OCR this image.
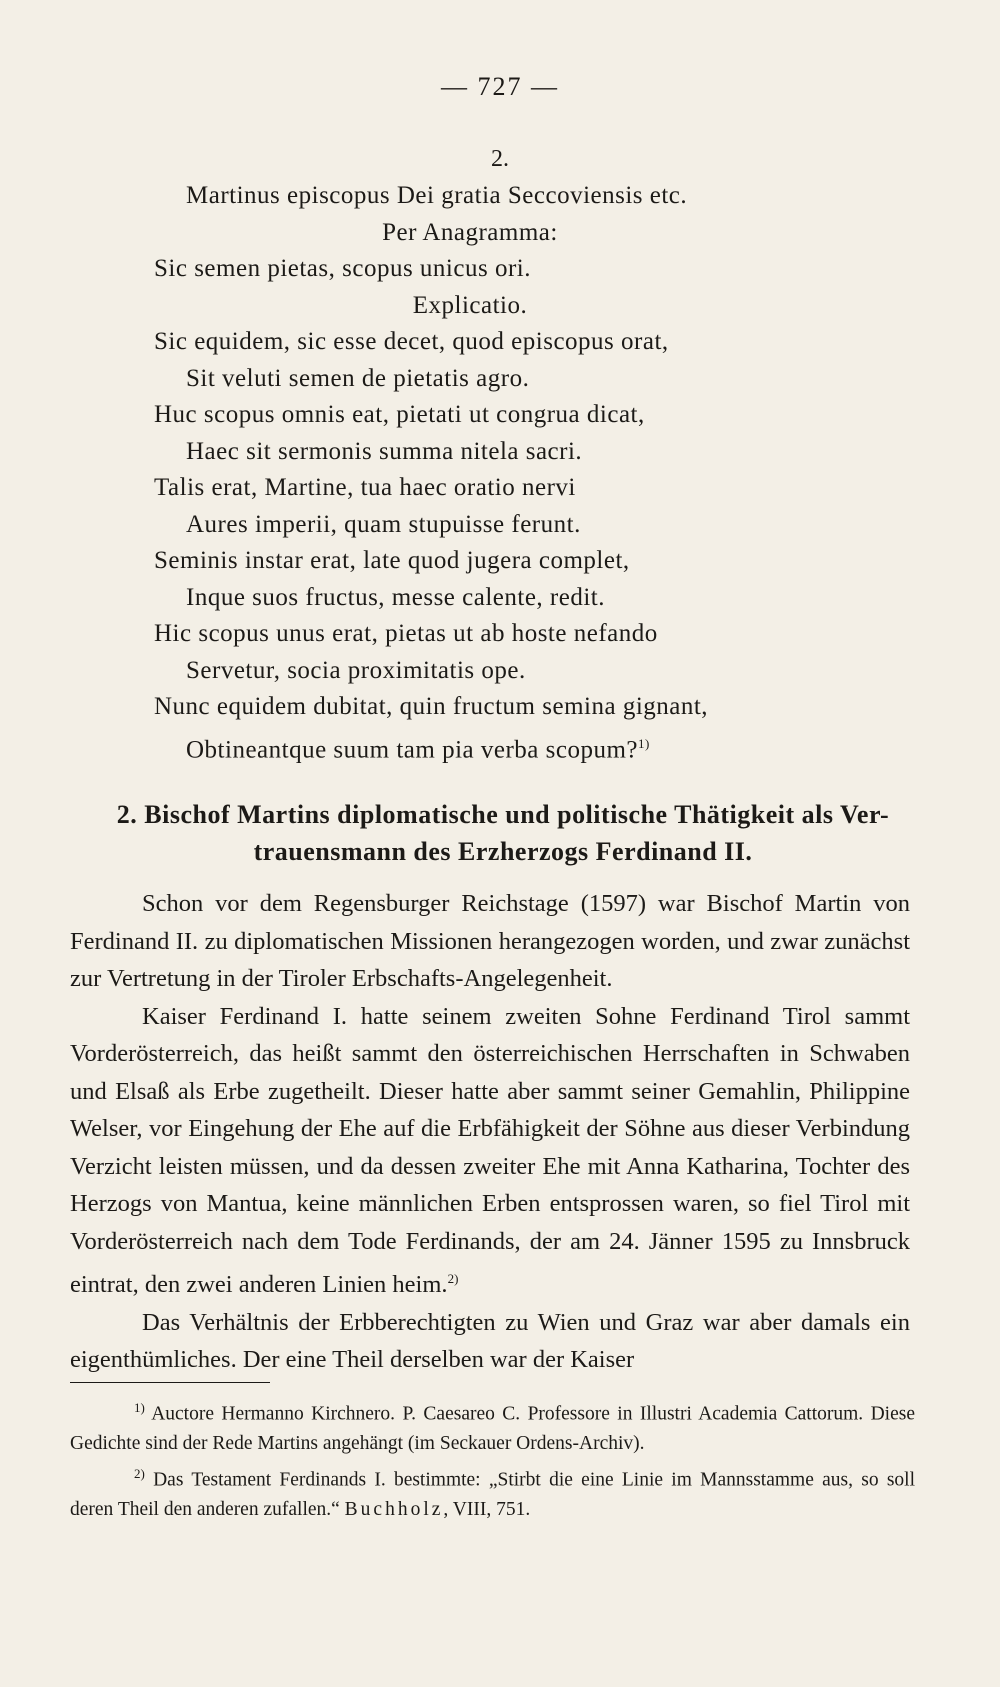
— 727 —
2.
Martinus episcopus Dei gratia Seccoviensis etc.
Per Anagramma:
Sic semen pietas, scopus unicus ori.
Explicatio.
Sic equidem, sic esse decet, quod episcopus orat,
Sit veluti semen de pietatis agro.
Huc scopus omnis eat, pietati ut congrua dicat,
Haec sit sermonis summa nitela sacri.
Talis erat, Martine, tua haec oratio nervi
Aures imperii, quam stupuisse ferunt.
Seminis instar erat, late quod jugera complet,
Inque suos fructus, messe calente, redit.
Hic scopus unus erat, pietas ut ab hoste nefando
Servetur, socia proximitatis ope.
Nunc equidem dubitat, quin fructum semina gignant,
Obtineantque suum tam pia verba scopum?$^{1)}$
2. Bischof Martins diplomatische und politische Thätigkeit als Ver-
trauensmann des Erzherzogs Ferdinand II.

Schon vor dem Regensburger Reichstage (1597) war Bischof Martin von Ferdinand II. zu diplomatischen Missionen herangezogen worden, und zwar zunächst zur Vertretung in der Tiroler Erbschafts-Angelegenheit.

Kaiser Ferdinand I. hatte seinem zweiten Sohne Ferdinand Tirol sammt Vorderösterreich, das heißt sammt den österreichischen Herrschaften in Schwaben und Elsaß als Erbe zugetheilt. Dieser hatte aber sammt seiner Gemahlin, Philippine Welser, vor Eingehung der Ehe auf die Erbfähigkeit der Söhne aus dieser Verbindung Verzicht leisten müssen, und da dessen zweiter Ehe mit Anna Katharina, Tochter des Herzogs von Mantua, keine männlichen Erben entsprossen waren, so fiel Tirol mit Vorderösterreich nach dem Tode Ferdinands, der am 24. Jänner 1595 zu Innsbruck eintrat, den zwei anderen Linien heim.$^{2)}$

Das Verhältnis der Erbberechtigten zu Wien und Graz war aber damals ein eigenthümliches. Der eine Theil derselben war der Kaiser

$^{1)}$ Auctore Hermanno Kirchnero. P. Caesareo C. Professore in Illustri Academia Cattorum. Diese Gedichte sind der Rede Martins angehängt (im Seckauer Ordens-Archiv).

$^{2)}$ Das Testament Ferdinands I. bestimmte: „Stirbt die eine Linie im Mannsstamme aus, so soll deren Theil den anderen zufallen.“ Buchholz, VIII, 751.
